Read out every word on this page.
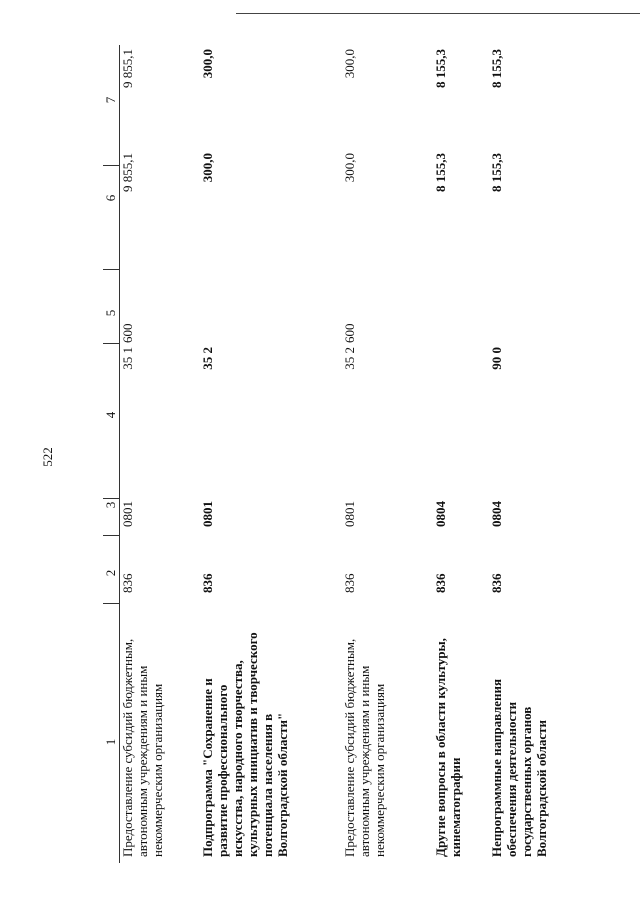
522
1
2
3
4
5
6
7
Предоставление субсидий бюджетным, автономным учреждениям и иным некоммерческим организациям
836
0801
35 1
600
9 855,1
9 855,1
Подпрограмма "Сохранение и развитие профессионального искусства, народного творчества, культурных инициатив и творческого потенциала населения в Волгоградской области"
836
0801
35 2
300,0
300,0
Предоставление субсидий бюджетным, автономным учреждениям и иным некоммерческим организациям
836
0801
35 2
600
300,0
300,0
Другие вопросы в области культуры, кинематографии
836
0804
8 155,3
8 155,3
Непрограммные направления обеспечения деятельности государственных органов Волгоградской области
836
0804
90 0
8 155,3
8 155,3
